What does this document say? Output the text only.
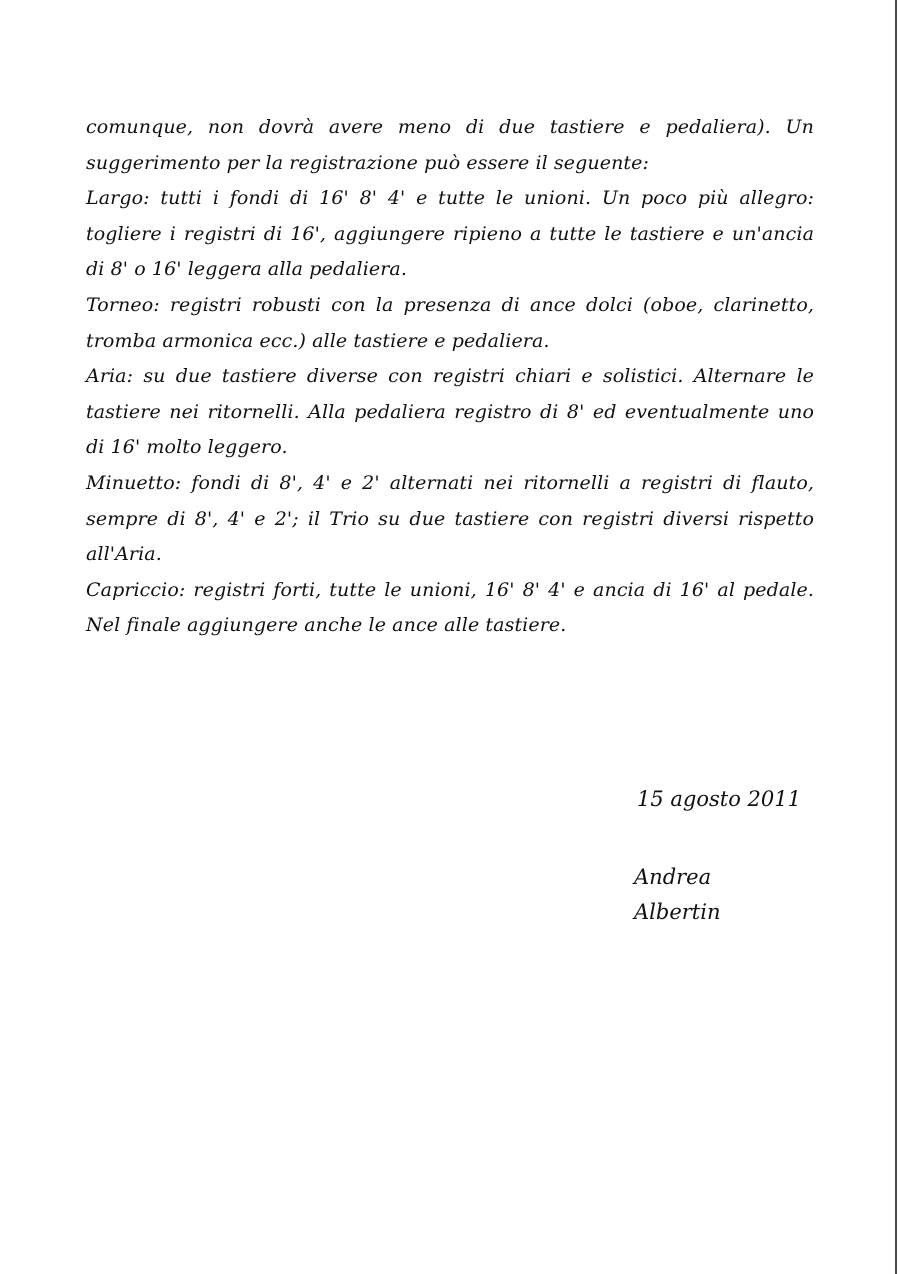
comunque, non dovrà avere meno di due tastiere e pedaliera). Un suggerimento per la registrazione può essere il seguente:

Largo: tutti i fondi di 16' 8' 4' e tutte le unioni. Un poco più allegro: togliere i registri di 16', aggiungere ripieno a tutte le tastiere e un'ancia di 8' o 16' leggera alla pedaliera.

Torneo: registri robusti con la presenza di ance dolci (oboe, clarinetto, tromba armonica ecc.) alle tastiere e pedaliera.

Aria: su due tastiere diverse con registri chiari e solistici. Alternare le tastiere nei ritornelli. Alla pedaliera registro di 8' ed eventualmente uno di 16' molto leggero.

Minuetto: fondi di 8', 4' e 2' alternati nei ritornelli a registri di flauto, sempre di 8', 4' e 2'; il Trio su due tastiere con registri diversi rispetto all'Aria.

Capriccio: registri forti, tutte le unioni, 16' 8' 4' e ancia di 16' al pedale. Nel finale aggiungere anche le ance alle tastiere.

15 agosto 2011
Andrea
Albertin
